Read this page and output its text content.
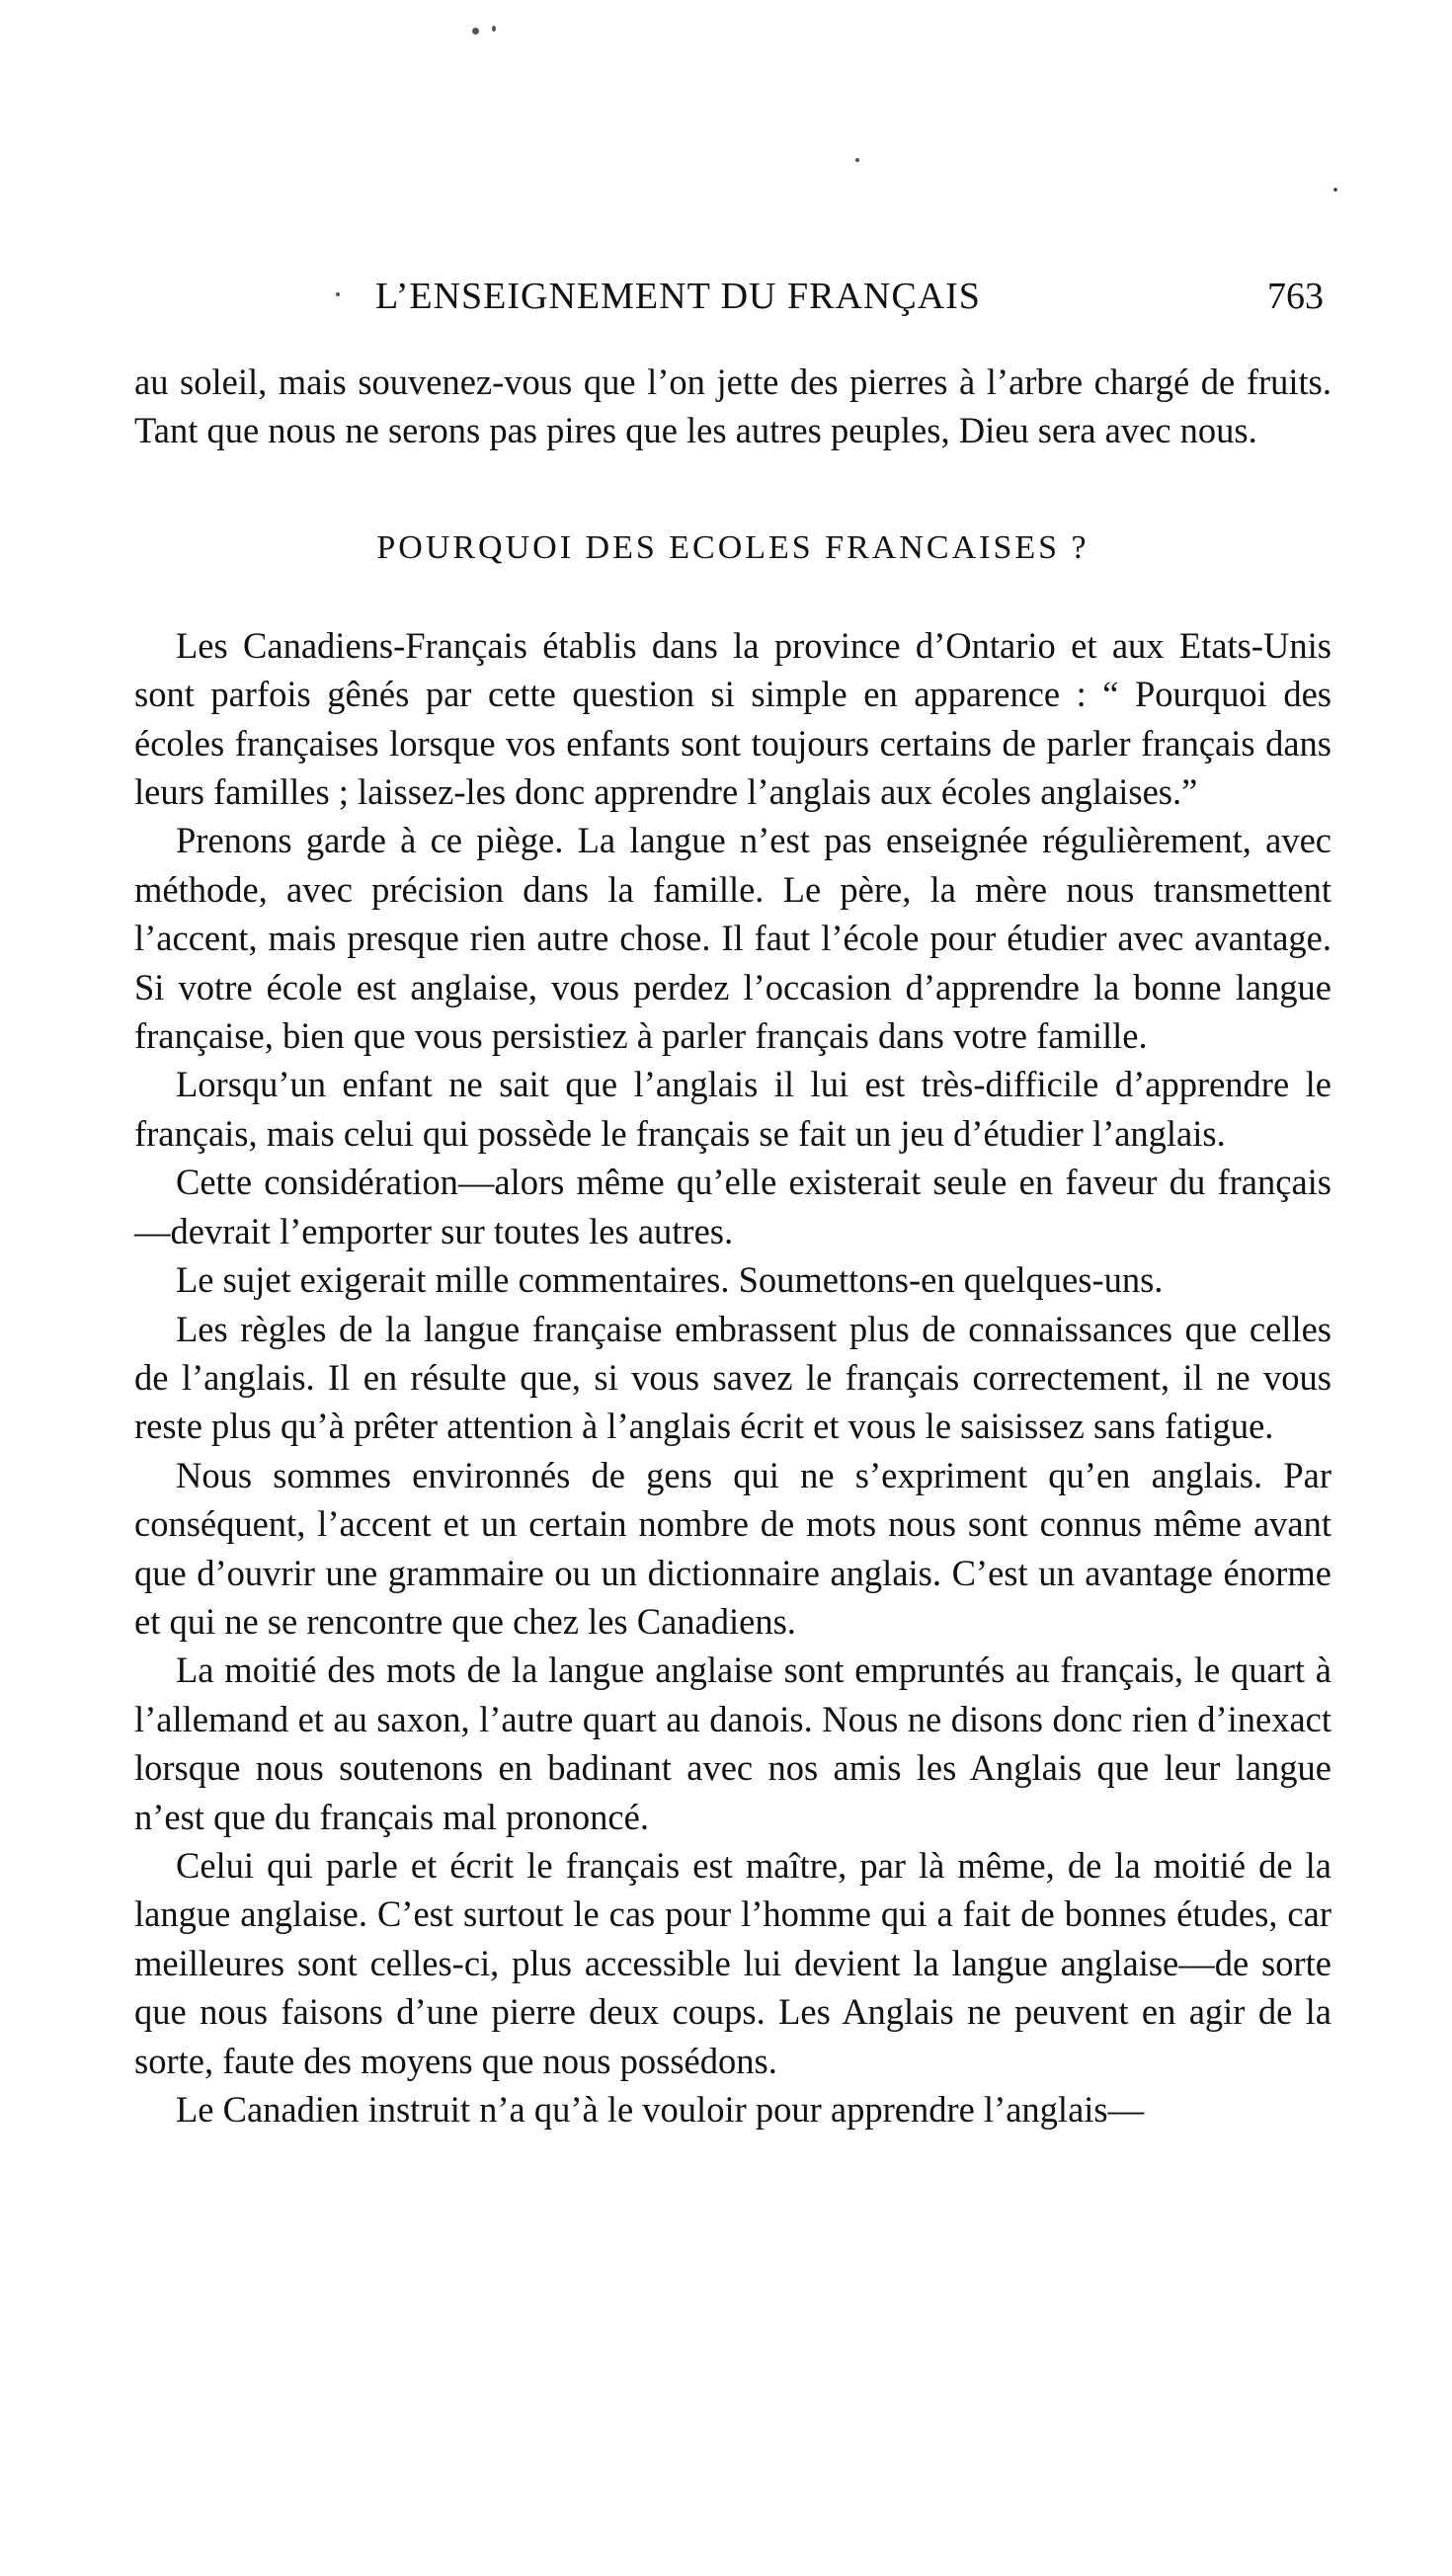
L’ENSEIGNEMENT DU FRANÇAIS	763

au soleil, mais souvenez-vous que l’on jette des pierres à l’arbre chargé de fruits. Tant que nous ne serons pas pires que les autres peuples, Dieu sera avec nous.

POURQUOI DES ECOLES FRANCAISES ?

Les Canadiens-Français établis dans la province d’Ontario et aux Etats-Unis sont parfois gênés par cette question si simple en apparence : “ Pourquoi des écoles françaises lorsque vos enfants sont toujours certains de parler français dans leurs familles ; laissez-les donc apprendre l’anglais aux écoles anglaises.”

Prenons garde à ce piège. La langue n’est pas enseignée régulièrement, avec méthode, avec précision dans la famille. Le père, la mère nous transmettent l’accent, mais presque rien autre chose. Il faut l’école pour étudier avec avantage. Si votre école est anglaise, vous perdez l’occasion d’apprendre la bonne langue française, bien que vous persistiez à parler français dans votre famille.

Lorsqu’un enfant ne sait que l’anglais il lui est très-difficile d’apprendre le français, mais celui qui possède le français se fait un jeu d’étudier l’anglais.

Cette considération—alors même qu’elle existerait seule en faveur du français—devrait l’emporter sur toutes les autres.

Le sujet exigerait mille commentaires. Soumettons-en quelques-uns.

Les règles de la langue française embrassent plus de connaissances que celles de l’anglais. Il en résulte que, si vous savez le français correctement, il ne vous reste plus qu’à prêter attention à l’anglais écrit et vous le saisissez sans fatigue.

Nous sommes environnés de gens qui ne s’expriment qu’en anglais. Par conséquent, l’accent et un certain nombre de mots nous sont connus même avant que d’ouvrir une grammaire ou un dictionnaire anglais. C’est un avantage énorme et qui ne se rencontre que chez les Canadiens.

La moitié des mots de la langue anglaise sont empruntés au français, le quart à l’allemand et au saxon, l’autre quart au danois. Nous ne disons donc rien d’inexact lorsque nous soutenons en badinant avec nos amis les Anglais que leur langue n’est que du français mal prononcé.

Celui qui parle et écrit le français est maître, par là même, de la moitié de la langue anglaise. C’est surtout le cas pour l’homme qui a fait de bonnes études, car meilleures sont celles-ci, plus accessible lui devient la langue anglaise—de sorte que nous faisons d’une pierre deux coups. Les Anglais ne peuvent en agir de la sorte, faute des moyens que nous possédons.

Le Canadien instruit n’a qu’à le vouloir pour apprendre l’anglais—
